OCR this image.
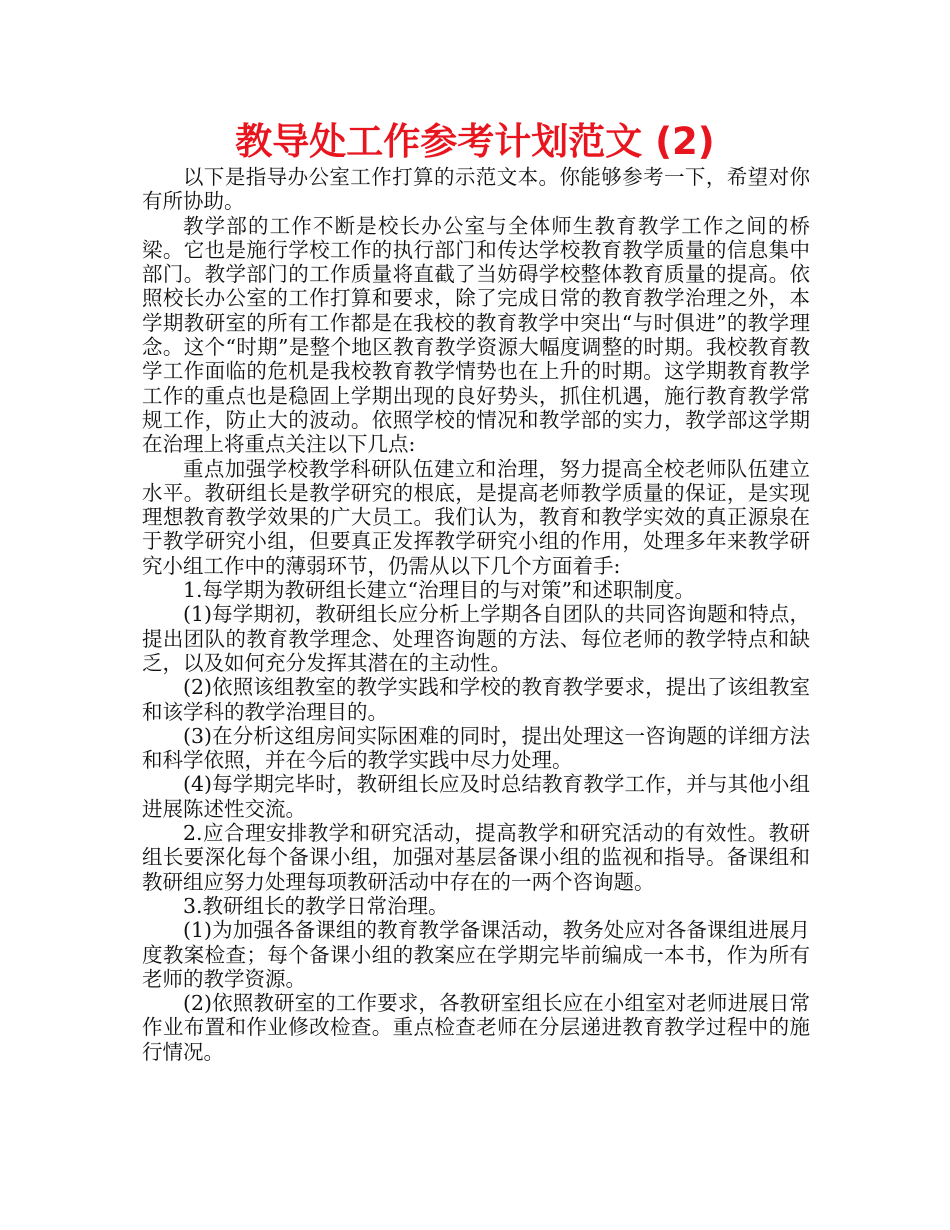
教导处工作参考计划范文 (2)

以下是指导办公室工作打算的示范文本。你能够参考一下，希望对你有所协助。

教学部的工作不断是校长办公室与全体师生教育教学工作之间的桥梁。它也是施行学校工作的执行部门和传达学校教育教学质量的信息集中部门。教学部门的工作质量将直截了当妨碍学校整体教育质量的提高。依照校长办公室的工作打算和要求，除了完成日常的教育教学治理之外，本学期教研室的所有工作都是在我校的教育教学中突出“与时俱进”的教学理念。这个“时期”是整个地区教育教学资源大幅度调整的时期。我校教育教学工作面临的危机是我校教育教学情势也在上升的时期。这学期教育教学工作的重点也是稳固上学期出现的良好势头，抓住机遇，施行教育教学常规工作，防止大的波动。依照学校的情况和教学部的实力，教学部这学期在治理上将重点关注以下几点:

重点加强学校教学科研队伍建立和治理，努力提高全校老师队伍建立水平。教研组长是教学研究的根底，是提高老师教学质量的保证，是实现理想教育教学效果的广大员工。我们认为，教育和教学实效的真正源泉在于教学研究小组，但要真正发挥教学研究小组的作用，处理多年来教学研究小组工作中的薄弱环节，仍需从以下几个方面着手:

1.每学期为教研组长建立“治理目的与对策”和述职制度。

(1)每学期初，教研组长应分析上学期各自团队的共同咨询题和特点，提出团队的教育教学理念、处理咨询题的方法、每位老师的教学特点和缺乏，以及如何充分发挥其潜在的主动性。

(2)依照该组教室的教学实践和学校的教育教学要求，提出了该组教室和该学科的教学治理目的。

(3)在分析这组房间实际困难的同时，提出处理这一咨询题的详细方法和科学依照，并在今后的教学实践中尽力处理。

(4)每学期完毕时，教研组长应及时总结教育教学工作，并与其他小组进展陈述性交流。

2.应合理安排教学和研究活动，提高教学和研究活动的有效性。教研组长要深化每个备课小组，加强对基层备课小组的监视和指导。备课组和教研组应努力处理每项教研活动中存在的一两个咨询题。

3.教研组长的教学日常治理。

(1)为加强各备课组的教育教学备课活动，教务处应对各备课组进展月度教案检查；每个备课小组的教案应在学期完毕前编成一本书，作为所有老师的教学资源。

(2)依照教研室的工作要求，各教研室组长应在小组室对老师进展日常作业布置和作业修改检查。重点检查老师在分层递进教育教学过程中的施行情况。
